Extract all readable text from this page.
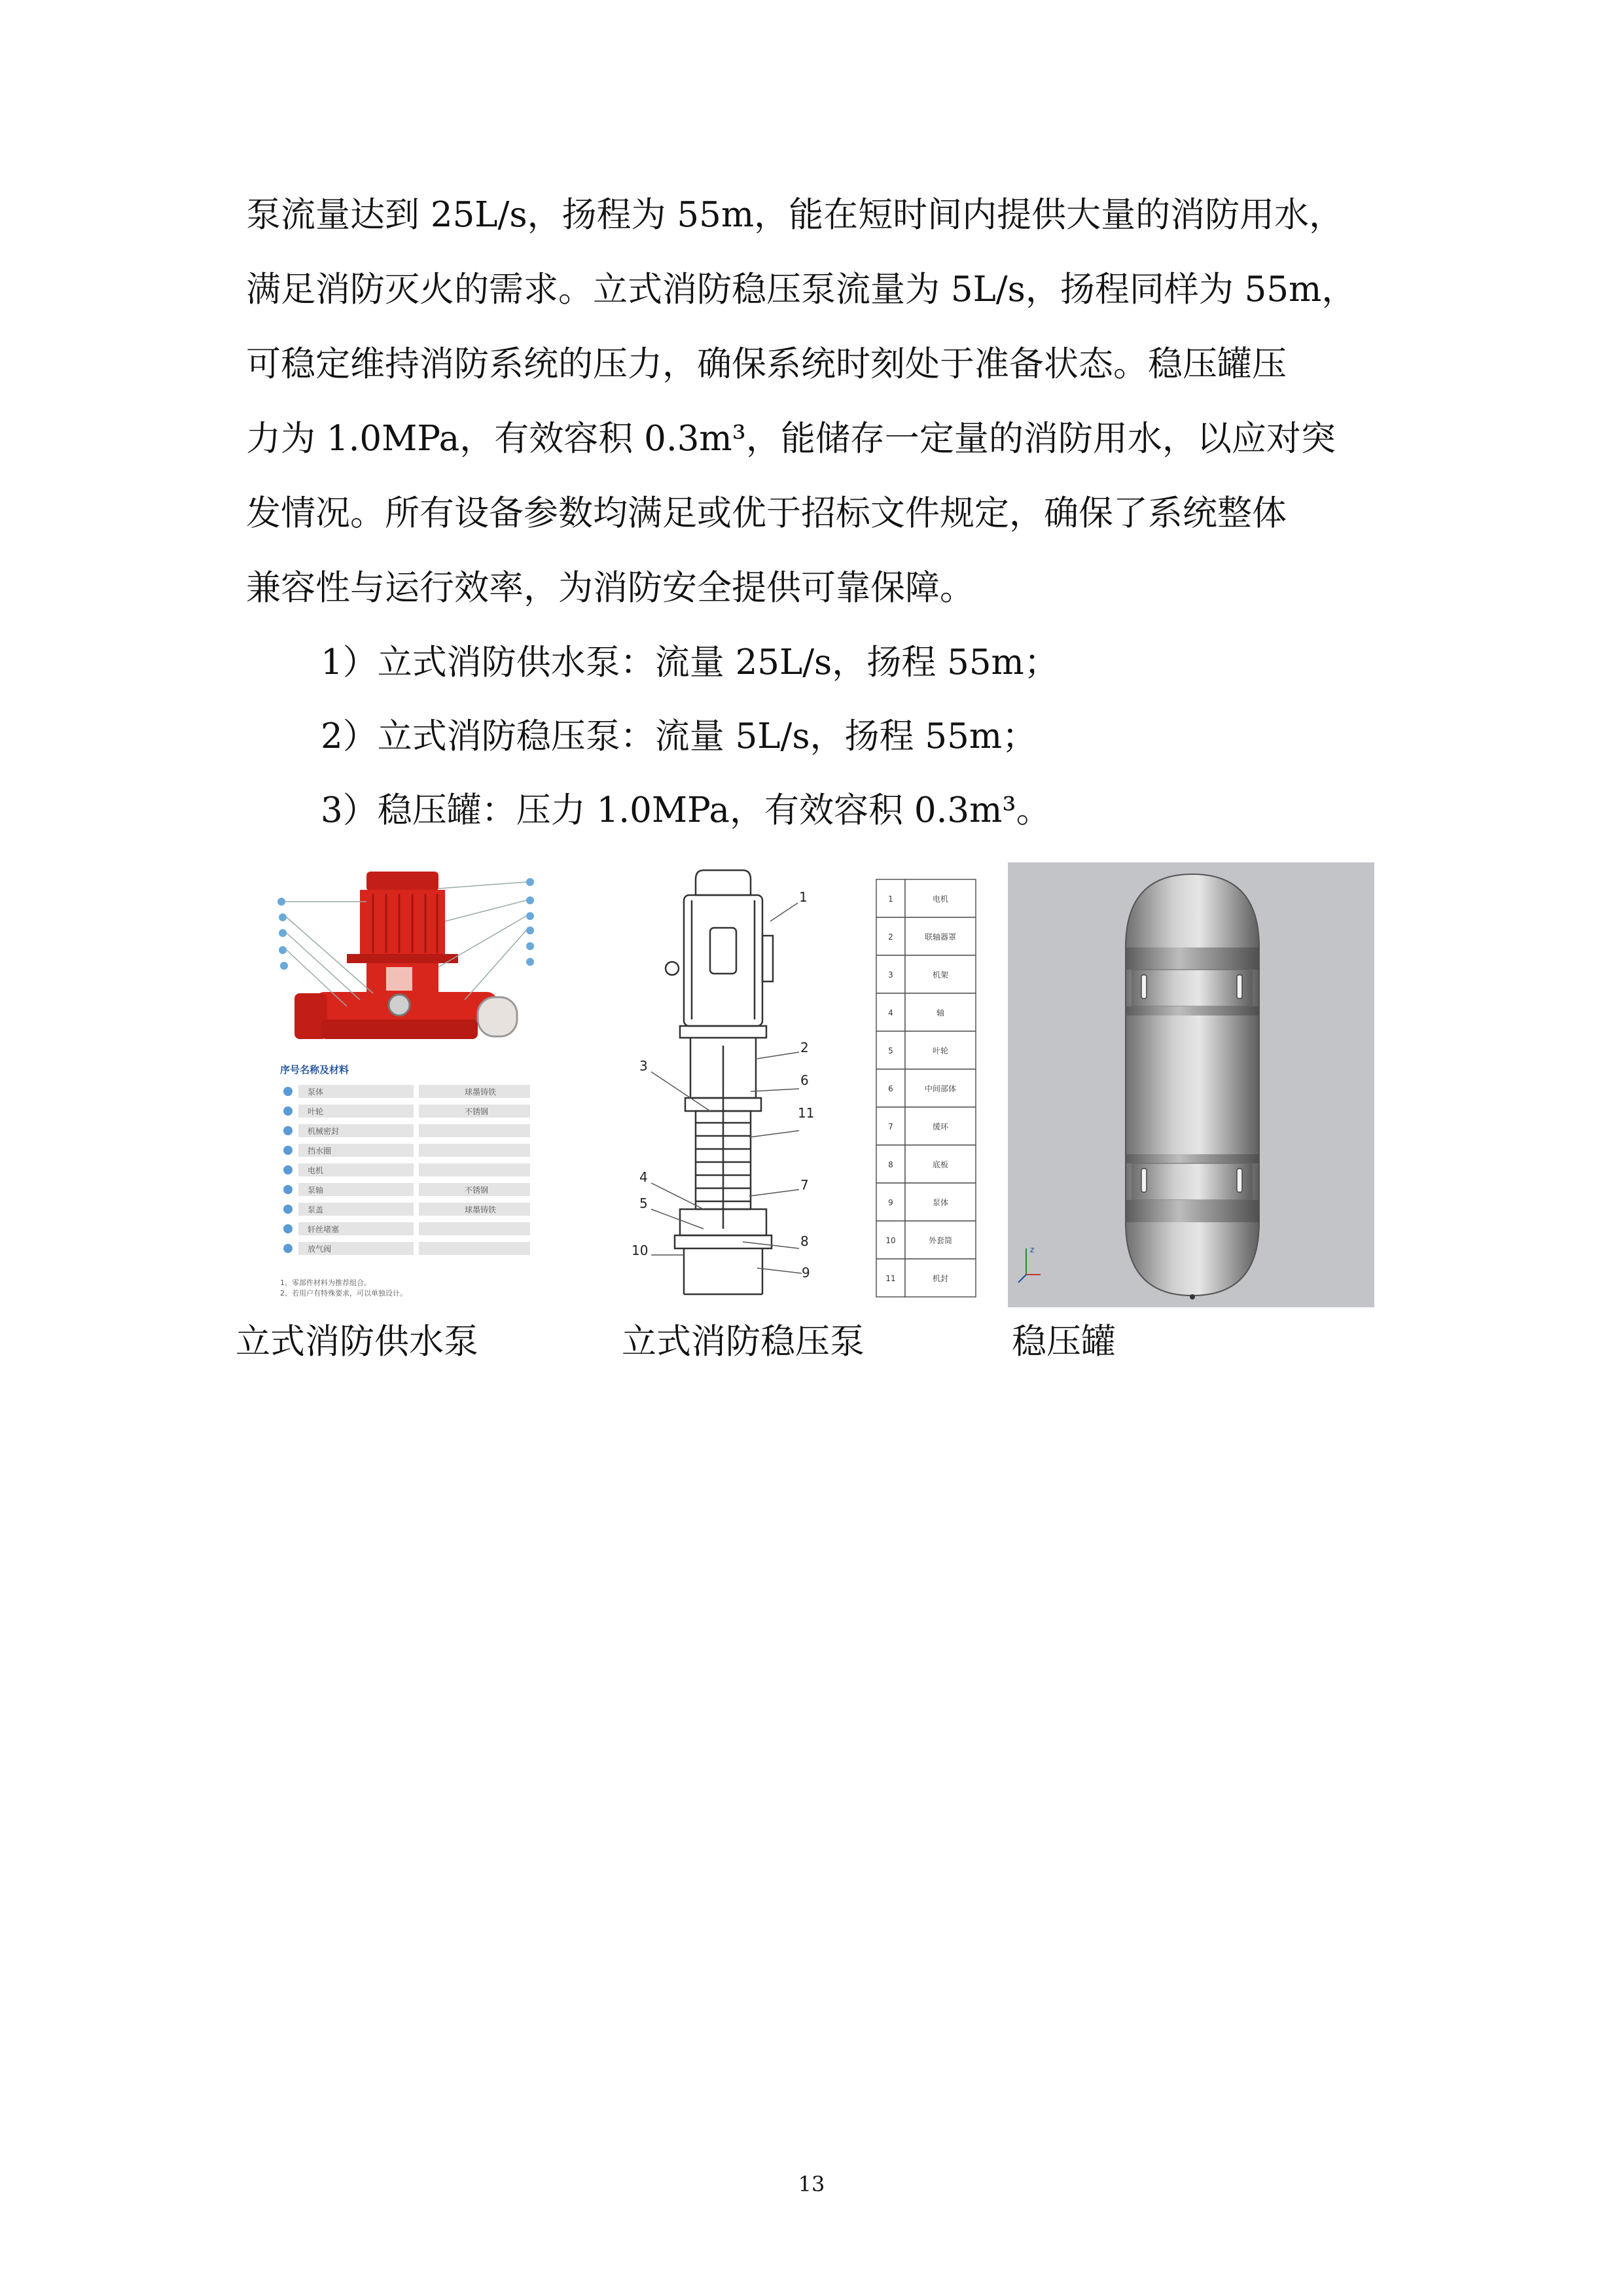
泵流量达到 25L/s，扬程为 55m，能在短时间内提供大量的消防用水，
满足消防灭火的需求。立式消防稳压泵流量为 5L/s，扬程同样为 55m，
可稳定维持消防系统的压力，确保系统时刻处于准备状态。稳压罐压
力为 1.0MPa，有效容积 0.3m³，能储存一定量的消防用水，以应对突
发情况。所有设备参数均满足或优于招标文件规定，确保了系统整体
兼容性与运行效率，为消防安全提供可靠保障。

1）立式消防供水泵：流量 25L/s，扬程 55m；
2）立式消防稳压泵：流量 5L/s，扬程 55m；
3）稳压罐：压力 1.0MPa，有效容积 0.3m³。
序号名称及材料
泵体	球墨铸铁
叶轮	不锈钢
机械密封
挡水圈
电机
泵轴	不锈钢
泵盖	球墨铸铁
轩丝堵塞
放气阀
1、零部件材料为推荐组合。
2、若用户有特殊要求，可以单独设计。
1
2
3
4
5
6
7
8
9
10
11
1	电机
2	联轴器罩
3	机架
4	轴
5	叶轮
6	中间部体
7	缓环
8	底板
9	泵体
10	外套筒
11	机封
z
立式消防供水泵	立式消防稳压泵	稳压罐
13
